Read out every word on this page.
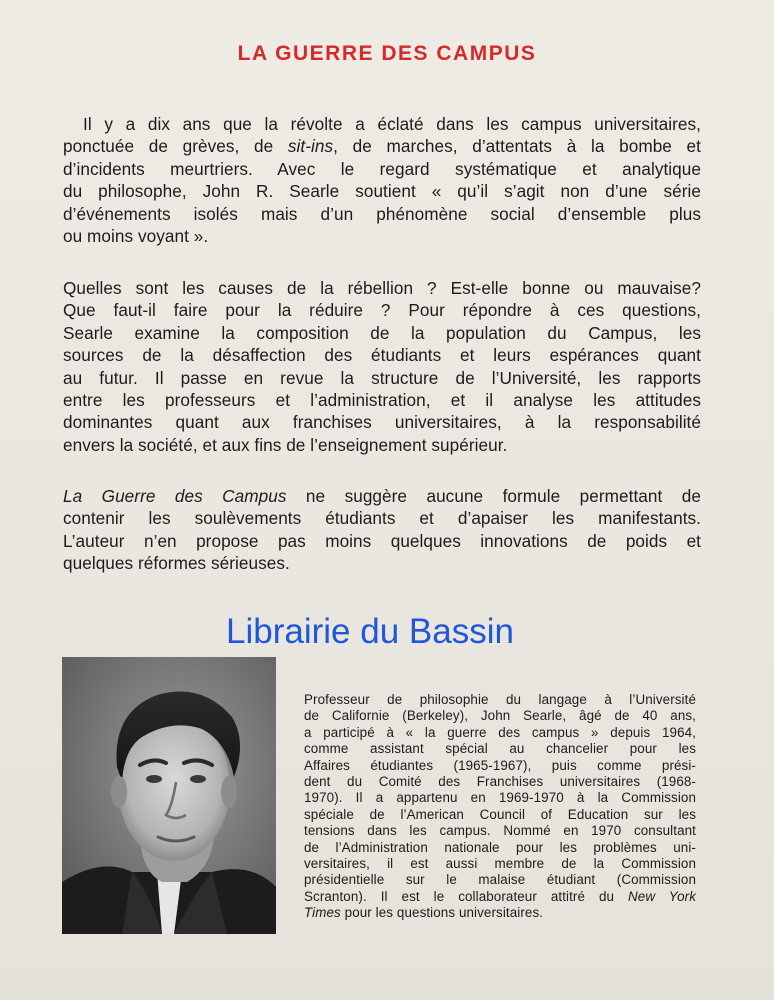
LA GUERRE DES CAMPUS
Il y a dix ans que la révolte a éclaté dans les campus universitaires,
ponctuée de grèves, de sit-ins, de marches, d’attentats à la bombe et
d’incidents meurtriers. Avec le regard systématique et analytique
du philosophe, John R. Searle soutient « qu’il s’agit non d’une série
d’événements isolés mais d’un phénomène social d’ensemble plus
ou moins voyant ».
Quelles sont les causes de la rébellion ? Est-elle bonne ou mauvaise?
Que faut-il faire pour la réduire ? Pour répondre à ces questions,
Searle examine la composition de la population du Campus, les
sources de la désaffection des étudiants et leurs espérances quant
au futur. Il passe en revue la structure de l’Université, les rapports
entre les professeurs et l’administration, et il analyse les attitudes
dominantes quant aux franchises universitaires, à la responsabilité
envers la société, et aux fins de l’enseignement supérieur.
La Guerre des Campus ne suggère aucune formule permettant de
contenir les soulèvements étudiants et d’apaiser les manifestants.
L’auteur n’en propose pas moins quelques innovations de poids et
quelques réformes sérieuses.
Librairie du Bassin
Professeur de philosophie du langage à l’Université
de Californie (Berkeley), John Searle, âgé de 40 ans,
a participé à « la guerre des campus » depuis 1964,
comme assistant spécial au chancelier pour les
Affaires étudiantes (1965-1967), puis comme prési-
dent du Comité des Franchises universitaires (1968-
1970). Il a appartenu en 1969-1970 à la Commission
spéciale de l’American Council of Education sur les
tensions dans les campus. Nommé en 1970 consultant
de l’Administration nationale pour les problèmes uni-
versitaires, il est aussi membre de la Commission
présidentielle sur le malaise étudiant (Commission
Scranton). Il est le collaborateur attitré du New York
Times pour les questions universitaires.
